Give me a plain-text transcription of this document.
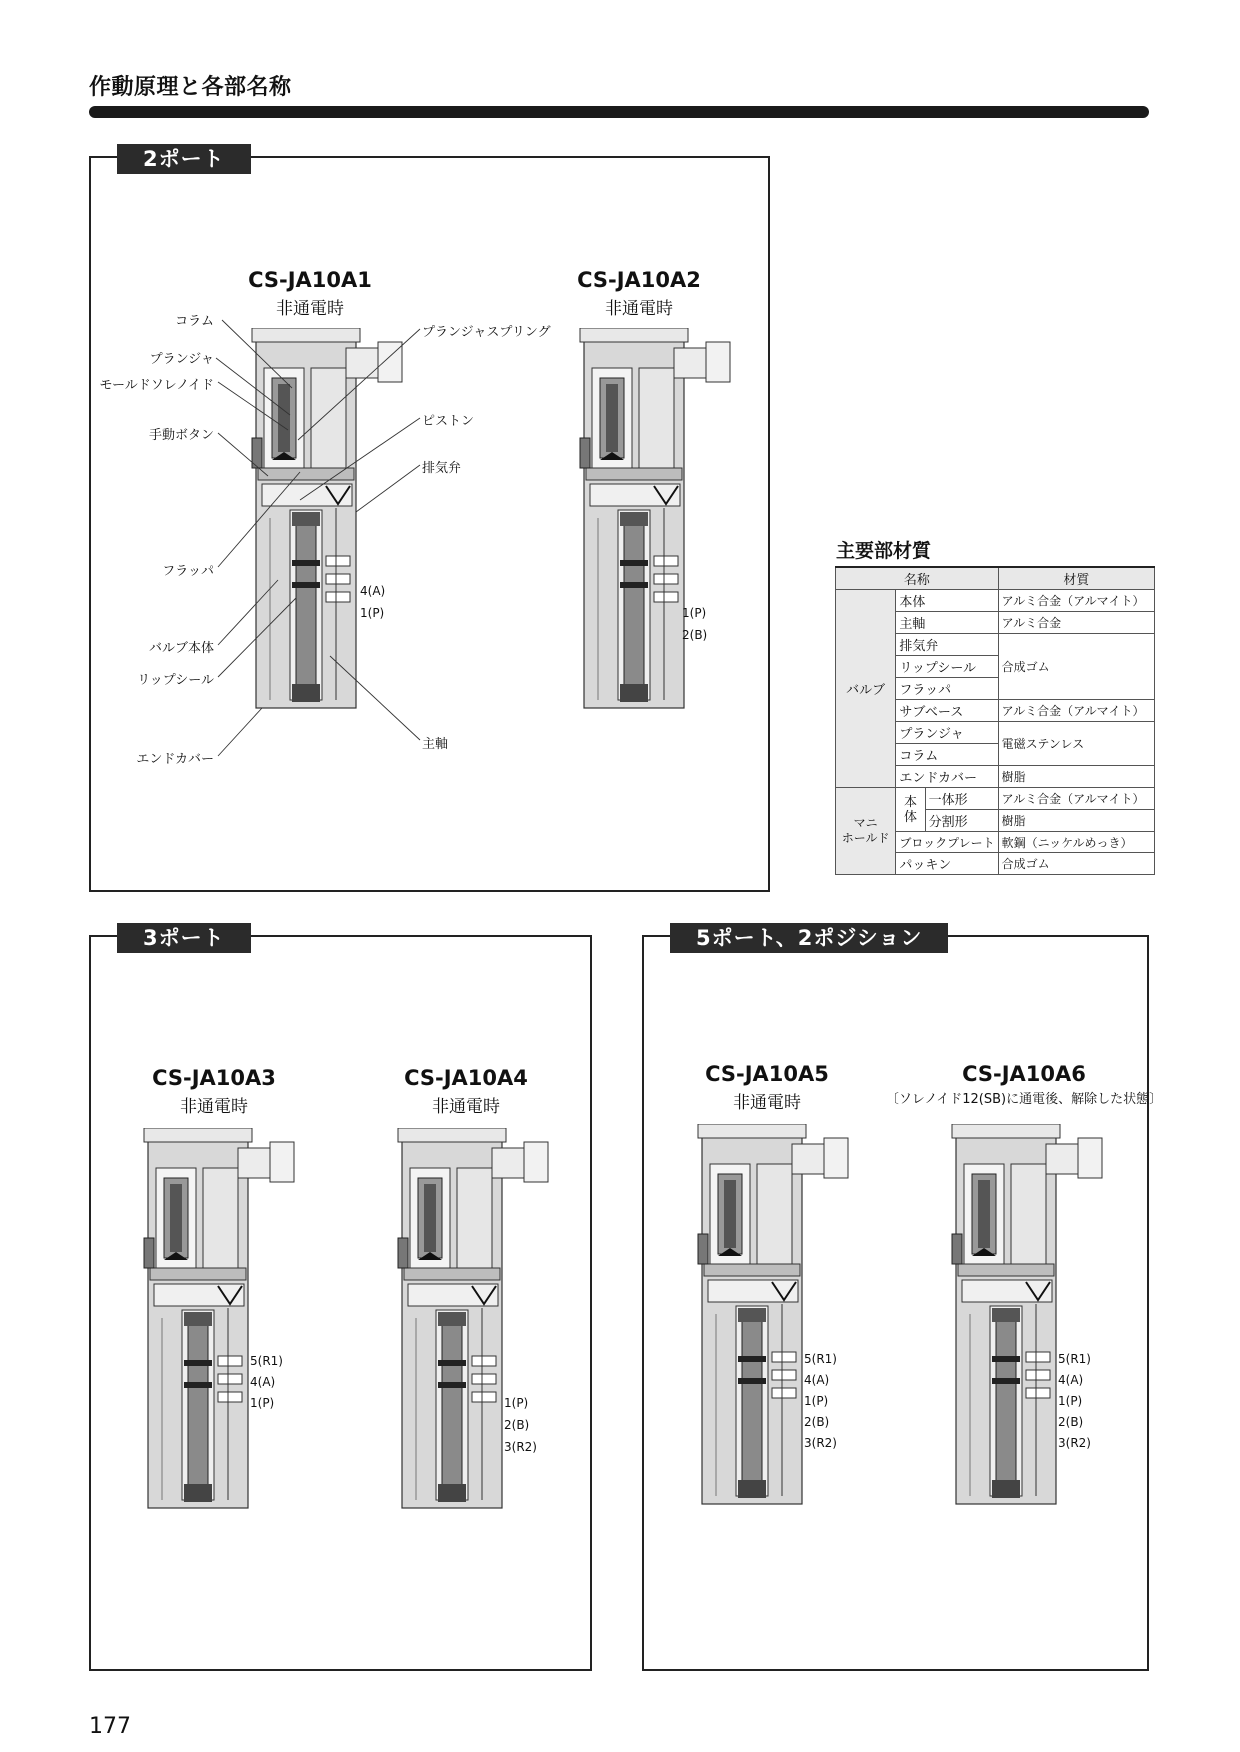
作動原理と各部名称
2ポート
CS-JA10A1
非通電時
CS-JA10A2
非通電時
コラム
プランジャ
モールドソレノイド
手動ボタン
フラッパ
バルブ本体
リップシール
エンドカバー
プランジャスプリング
ピストン
排気弁
主軸
4(A)
1(P)	1(P)
2(B)
主要部材質
名称			材質
バルブ	本体		アルミ合金（アルマイト）
	主軸		アルミ合金
	排気弁		合成ゴム
	リップシール		
	フラッパ		
	サブベース		アルミ合金（アルマイト）
	プランジャ		電磁ステンレス
	コラム		
	エンドカバー		樹脂
マニ
ホールド	本
体	一体形	アルミ合金（アルマイト）
		分割形	樹脂
	ブロックプレート		軟鋼（ニッケルめっき）
	パッキン		合成ゴム
3ポート
CS-JA10A3
非通電時
CS-JA10A4
非通電時
5(R1)
4(A)
1(P)	1(P)
2(B)
3(R2)
5ポート、2ポジション
CS-JA10A5
非通電時
CS-JA10A6
〔ソレノイド12(SB)に通電後、解除した状態〕
5(R1)
4(A)
1(P)
2(B)
3(R2)
5(R1)
4(A)
1(P)
2(B)
3(R2)
177
